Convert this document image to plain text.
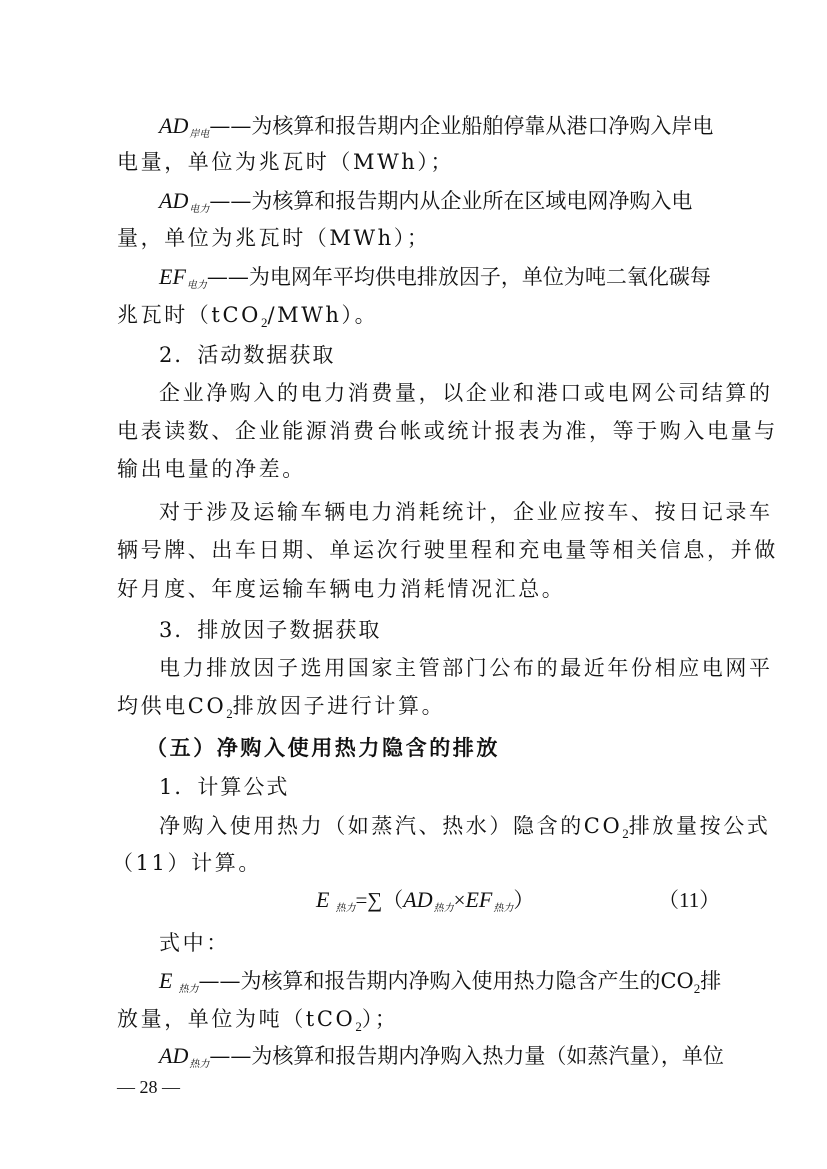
AD岸电——为核算和报告期内企业船舶停靠从港口净购入岸电
电量，单位为兆瓦时（MWh）；
AD电力——为核算和报告期内从企业所在区域电网净购入电
量，单位为兆瓦时（MWh）；
EF电力——为电网年平均供电排放因子，单位为吨二氧化碳每
兆瓦时（tCO$_2$/MWh）。
2．活动数据获取
企业净购入的电力消费量，以企业和港口或电网公司结算的
电表读数、企业能源消费台帐或统计报表为准，等于购入电量与
输出电量的净差。
对于涉及运输车辆电力消耗统计，企业应按车、按日记录车
辆号牌、出车日期、单运次行驶里程和充电量等相关信息，并做
好月度、年度运输车辆电力消耗情况汇总。
3．排放因子数据获取
电力排放因子选用国家主管部门公布的最近年份相应电网平
均供电$CO_2$排放因子进行计算。
（五）净购入使用热力隐含的排放
1．计算公式
净购入使用热力（如蒸汽、热水）隐含的$CO_2$排放量按公式
（11）计算。
E热力=∑（AD热力×EF热力）	（11）
式中：
E热力——为核算和报告期内净购入使用热力隐含产生的$CO_2$排
放量，单位为吨（tCO$_2$）；
AD热力——为核算和报告期内净购入热力量（如蒸汽量），单位
— 28 —
